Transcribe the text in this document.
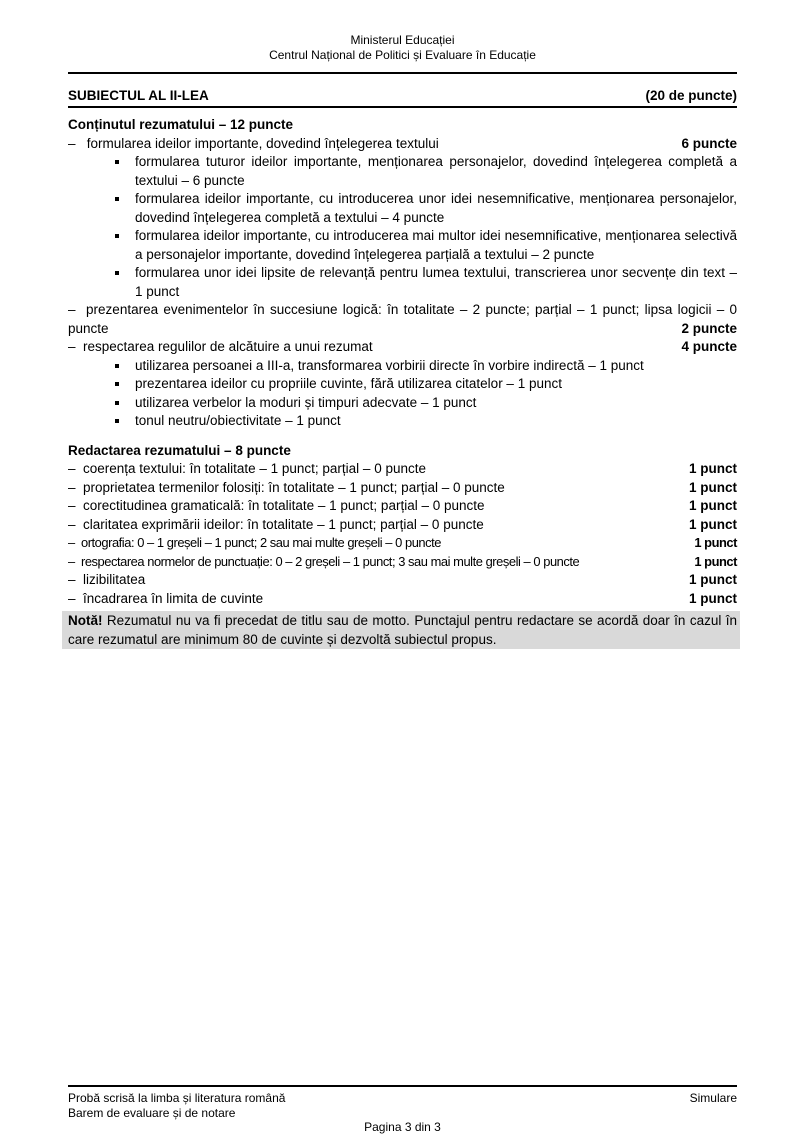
Ministerul Educației
Centrul Național de Politici și Evaluare în Educație
SUBIECTUL AL II-LEA	(20 de puncte)
Conținutul rezumatului – 12 puncte
–   formularea ideilor importante, dovedind înțelegerea textului	6 puncte
formularea tuturor ideilor importante, menționarea personajelor, dovedind înțelegerea completă a textului – 6 puncte
formularea ideilor importante, cu introducerea unor idei nesemnificative, menționarea personajelor, dovedind înțelegerea completă a textului – 4 puncte
formularea ideilor importante, cu introducerea mai multor idei nesemnificative, menționarea selectivă a personajelor importante, dovedind înțelegerea parțială a textului – 2 puncte
formularea unor idei lipsite de relevanță pentru lumea textului, transcrierea unor secvențe din text – 1 punct
–  prezentarea evenimentelor în succesiune logică: în totalitate – 2 puncte; parțial – 1 punct; lipsa logicii – 0 puncte	2 puncte
–  respectarea regulilor de alcătuire a unui rezumat	4 puncte
utilizarea persoanei a III-a, transformarea vorbirii directe în vorbire indirectă – 1 punct
prezentarea ideilor cu propriile cuvinte, fără utilizarea citatelor – 1 punct
utilizarea verbelor la moduri și timpuri adecvate – 1 punct
tonul neutru/obiectivitate – 1 punct
Redactarea rezumatului – 8 puncte
–  coerența textului: în totalitate – 1 punct; parțial – 0 puncte	1 punct
–  proprietatea termenilor folosiți: în totalitate – 1 punct; parțial – 0 puncte	1 punct
–  corectitudinea gramaticală: în totalitate – 1 punct; parțial – 0 puncte	1 punct
–  claritatea exprimării ideilor: în totalitate – 1 punct; parțial – 0 puncte	1 punct
–  ortografia: 0 – 1 greșeli – 1 punct; 2 sau mai multe greșeli – 0 puncte	1 punct
–  respectarea normelor de punctuație: 0 – 2 greșeli – 1 punct; 3 sau mai multe greșeli – 0 puncte	1 punct
–  lizibilitatea	1 punct
–  încadrarea în limita de cuvinte	1 punct
Notă! Rezumatul nu va fi precedat de titlu sau de motto. Punctajul pentru redactare se acordă doar în cazul în care rezumatul are minimum 80 de cuvinte și dezvoltă subiectul propus.
Probă scrisă la limba și literatura română
Barem de evaluare și de notare
Simulare
Pagina 3 din 3
